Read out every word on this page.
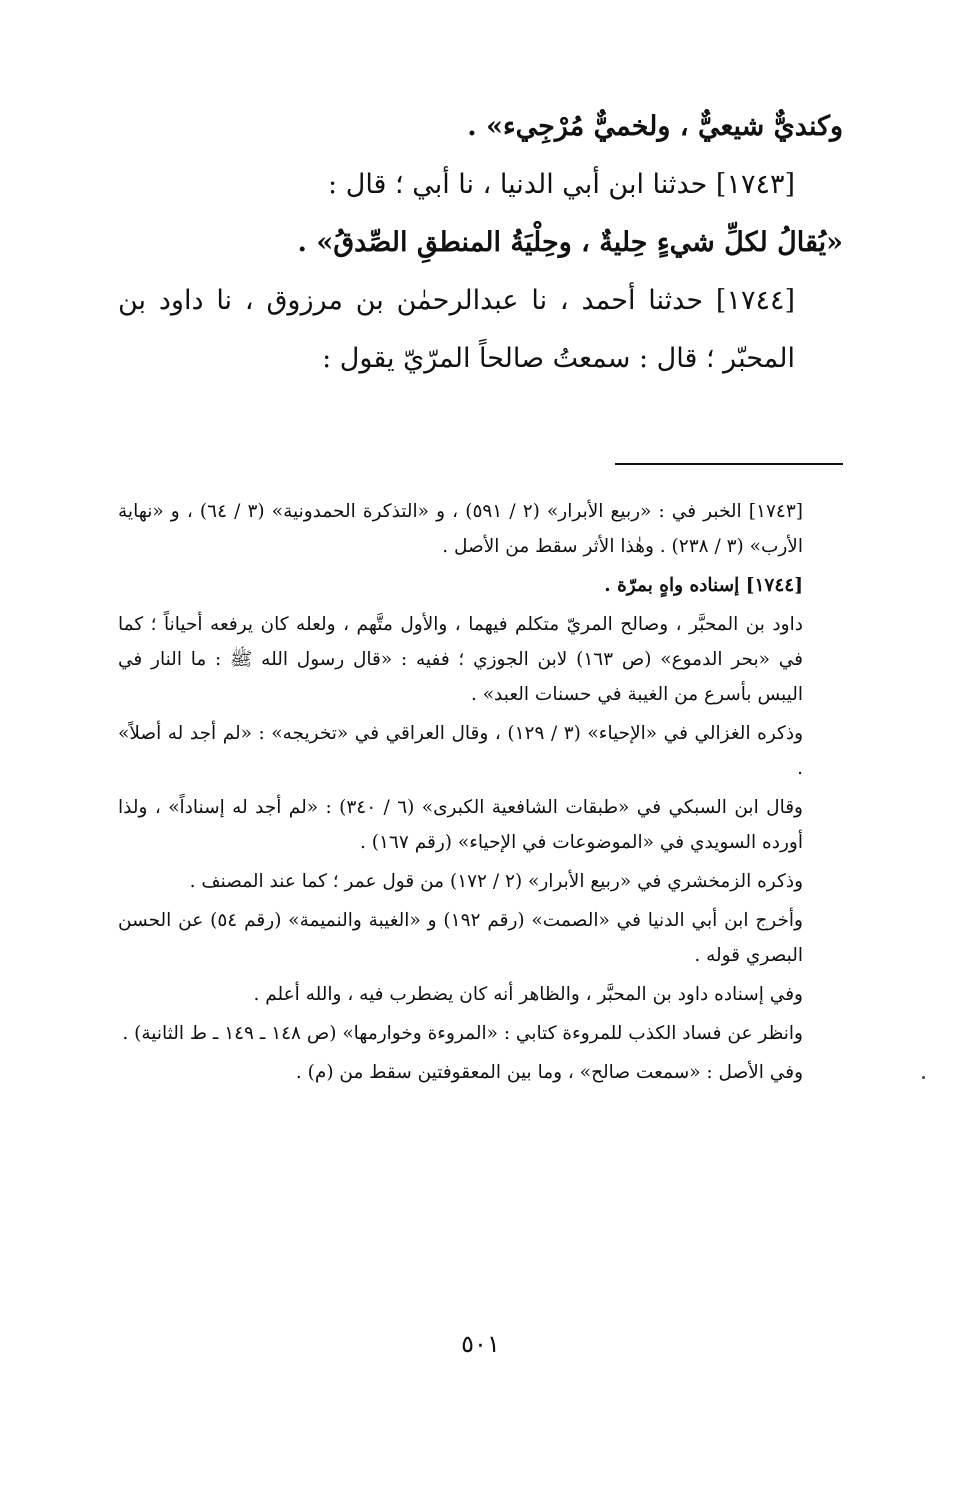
وكنديٌّ شيعيٌّ ، ولخميٌّ مُرْجِيء» .

[١٧٤٣] حدثنا ابن أبي الدنيا ، نا أبي ؛ قال :

«يُقالُ لكلِّ شيءٍ حِليةٌ ، وحِلْيَةُ المنطقِ الصِّدقُ» .

[١٧٤٤] حدثنا أحمد ، نا عبدالرحمٰن بن مرزوق ، نا داود بن المحبّر ؛ قال : سمعتُ صالحاً المرّيّ يقول :

[١٧٤٣] الخبر في : «ربيع الأبرار» (٢ / ٥٩١) ، و «التذكرة الحمدونية» (٣ / ٦٤) ، و «نهاية الأرب» (٣ / ٢٣٨) . وهٰذا الأثر سقط من الأصل .

[١٧٤٤] إسناده واهٍ بمرّة .

داود بن المحبَّر ، وصالح المريّ متكلم فيهما ، والأول متَّهم ، ولعله كان يرفعه أحياناً ؛ كما في «بحر الدموع» (ص ١٦٣) لابن الجوزي ؛ ففيه : «قال رسول الله ﷺ : ما النار في اليبس بأسرع من الغيبة في حسنات العبد» .

وذكره الغزالي في «الإحياء» (٣ / ١٢٩) ، وقال العراقي في «تخريجه» : «لم أجد له أصلاً» .

وقال ابن السبكي في «طبقات الشافعية الكبرى» (٦ / ٣٤٠) : «لم أجد له إسناداً» ، ولذا أورده السويدي في «الموضوعات في الإحياء» (رقم ١٦٧) .

وذكره الزمخشري في «ربيع الأبرار» (٢ / ١٧٢) من قول عمر ؛ كما عند المصنف .

وأخرج ابن أبي الدنيا في «الصمت» (رقم ١٩٢) و «الغيبة والنميمة» (رقم ٥٤) عن الحسن البصري قوله .

وفي إسناده داود بن المحبَّر ، والظاهر أنه كان يضطرب فيه ، والله أعلم .

وانظر عن فساد الكذب للمروءة كتابي : «المروءة وخوارمها» (ص ١٤٨ ـ ١٤٩ ـ ط الثانية) .

وفي الأصل : «سمعت صالح» ، وما بين المعقوفتين سقط من (م) .

٥٠١
